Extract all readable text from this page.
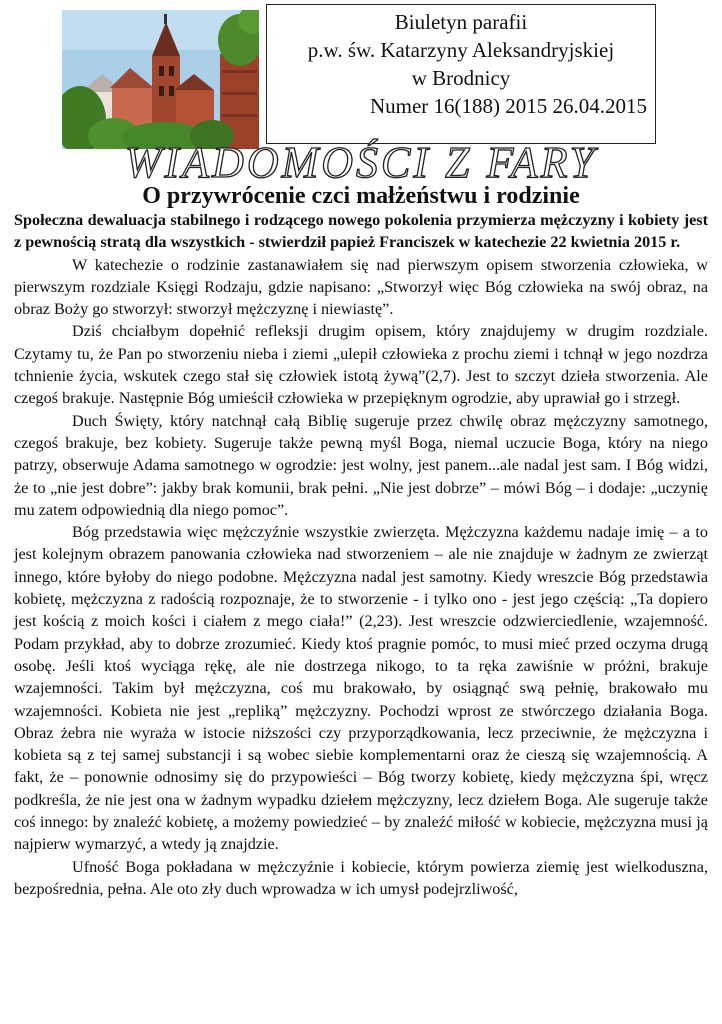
Biuletyn parafii
p.w. św. Katarzyny Aleksandryjskiej
w Brodnicy
Numer 16(188) 2015 26.04.2015
WIADOMOŚCI Z FARY
O przywrócenie czci małżeństwu i rodzinie

Społeczna dewaluacja stabilnego i rodzącego nowego pokolenia przymierza mężczyzny i kobiety jest z pewnością stratą dla wszystkich - stwierdził papież Franciszek w katechezie 22 kwietnia 2015 r.

W katechezie o rodzinie zastanawiałem się nad pierwszym opisem stworzenia człowieka, w pierwszym rozdziale Księgi Rodzaju, gdzie napisano: „Stworzył więc Bóg człowieka na swój obraz, na obraz Boży go stworzył: stworzył mężczyznę i niewiastę”.

Dziś chciałbym dopełnić refleksji drugim opisem, który znajdujemy w drugim rozdziale. Czytamy tu, że Pan po stworzeniu nieba i ziemi „ulepił człowieka z prochu ziemi i tchnął w jego nozdrza tchnienie życia, wskutek czego stał się człowiek istotą żywą”(2,7). Jest to szczyt dzieła stworzenia. Ale czegoś brakuje. Następnie Bóg umieścił człowieka w przepięknym ogrodzie, aby uprawiał go i strzegł.

Duch Święty, który natchnął całą Biblię sugeruje przez chwilę obraz mężczyzny samotnego, czegoś brakuje, bez kobiety. Sugeruje także pewną myśl Boga, niemal uczucie Boga, który na niego patrzy, obserwuje Adama samotnego w ogrodzie: jest wolny, jest panem...ale nadal jest sam. I Bóg widzi, że to „nie jest dobre”: jakby brak komunii, brak pełni. „Nie jest dobrze” – mówi Bóg – i dodaje: „uczynię mu zatem odpowiednią dla niego pomoc”.

Bóg przedstawia więc mężczyźnie wszystkie zwierzęta. Mężczyzna każdemu nadaje imię – a to jest kolejnym obrazem panowania człowieka nad stworzeniem – ale nie znajduje w żadnym ze zwierząt innego, które byłoby do niego podobne. Mężczyzna nadal jest samotny. Kiedy wreszcie Bóg przedstawia kobietę, mężczyzna z radością rozpoznaje, że to stworzenie - i tylko ono - jest jego częścią: „Ta dopiero jest kością z moich kości i ciałem z mego ciała!” (2,23). Jest wreszcie odzwierciedlenie, wzajemność. Podam przykład, aby to dobrze zrozumieć. Kiedy ktoś pragnie pomóc, to musi mieć przed oczyma drugą osobę. Jeśli ktoś wyciąga rękę, ale nie dostrzega nikogo, to ta ręka zawiśnie w próżni, brakuje wzajemności. Takim był mężczyzna, coś mu brakowało, by osiągnąć swą pełnię, brakowało mu wzajemności. Kobieta nie jest „repliką” mężczyzny. Pochodzi wprost ze stwórczego działania Boga. Obraz żebra nie wyraża w istocie niższości czy przyporządkowania, lecz przeciwnie, że mężczyzna i kobieta są z tej samej substancji i są wobec siebie komplementarni oraz że cieszą się wzajemnością. A fakt, że – ponownie odnosimy się do przypowieści – Bóg tworzy kobietę, kiedy mężczyzna śpi, wręcz podkreśla, że nie jest ona w żadnym wypadku dziełem mężczyzny, lecz dziełem Boga. Ale sugeruje także coś innego: by znaleźć kobietę, a możemy powiedzieć – by znaleźć miłość w kobiecie, mężczyzna musi ją najpierw wymarzyć, a wtedy ją znajdzie.

Ufność Boga pokładana w mężczyźnie i kobiecie, którym powierza ziemię jest wielkoduszna, bezpośrednia, pełna. Ale oto zły duch wprowadza w ich umysł podejrzliwość,
